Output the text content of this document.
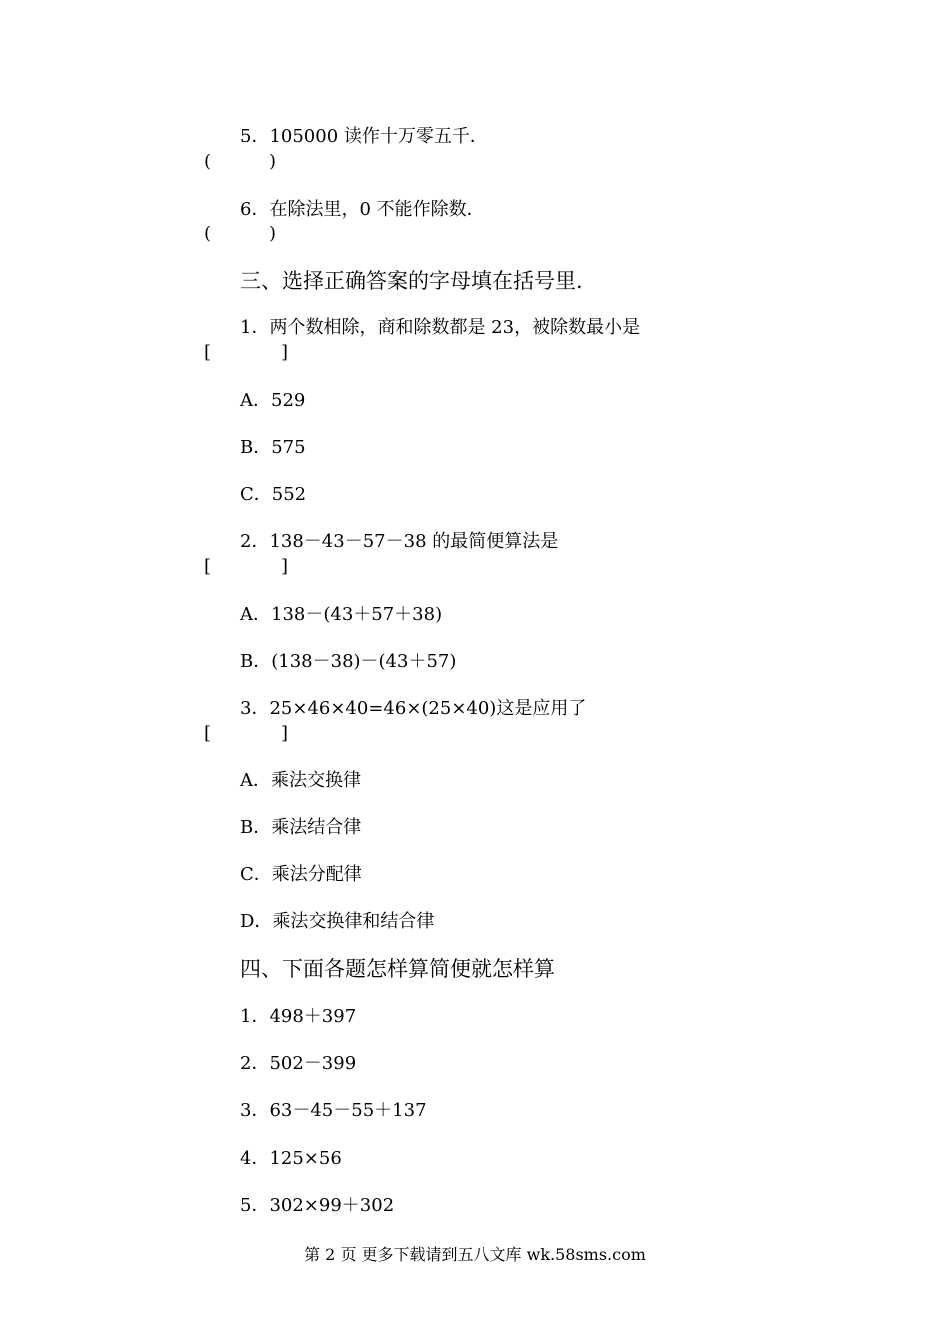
5．105000 读作十万零五千．
(	)
6．在除法里，0 不能作除数．
(	)
三、选择正确答案的字母填在括号里．
1．两个数相除，商和除数都是 23，被除数最小是
[	]
A．529
B．575
C．552
2．138－43－57－38 的最简便算法是
[	]
A．138－(43＋57＋38)
B．(138－38)－(43＋57)
3．25×46×40=46×(25×40)这是应用了
[	]
A．乘法交换律
B．乘法结合律
C．乘法分配律
D．乘法交换律和结合律
四、下面各题怎样算简便就怎样算
1．498＋397
2．502－399
3．63－45－55＋137
4．125×56
5．302×99＋302
第 2 页 更多下载请到五八文库 wk.58sms.com
